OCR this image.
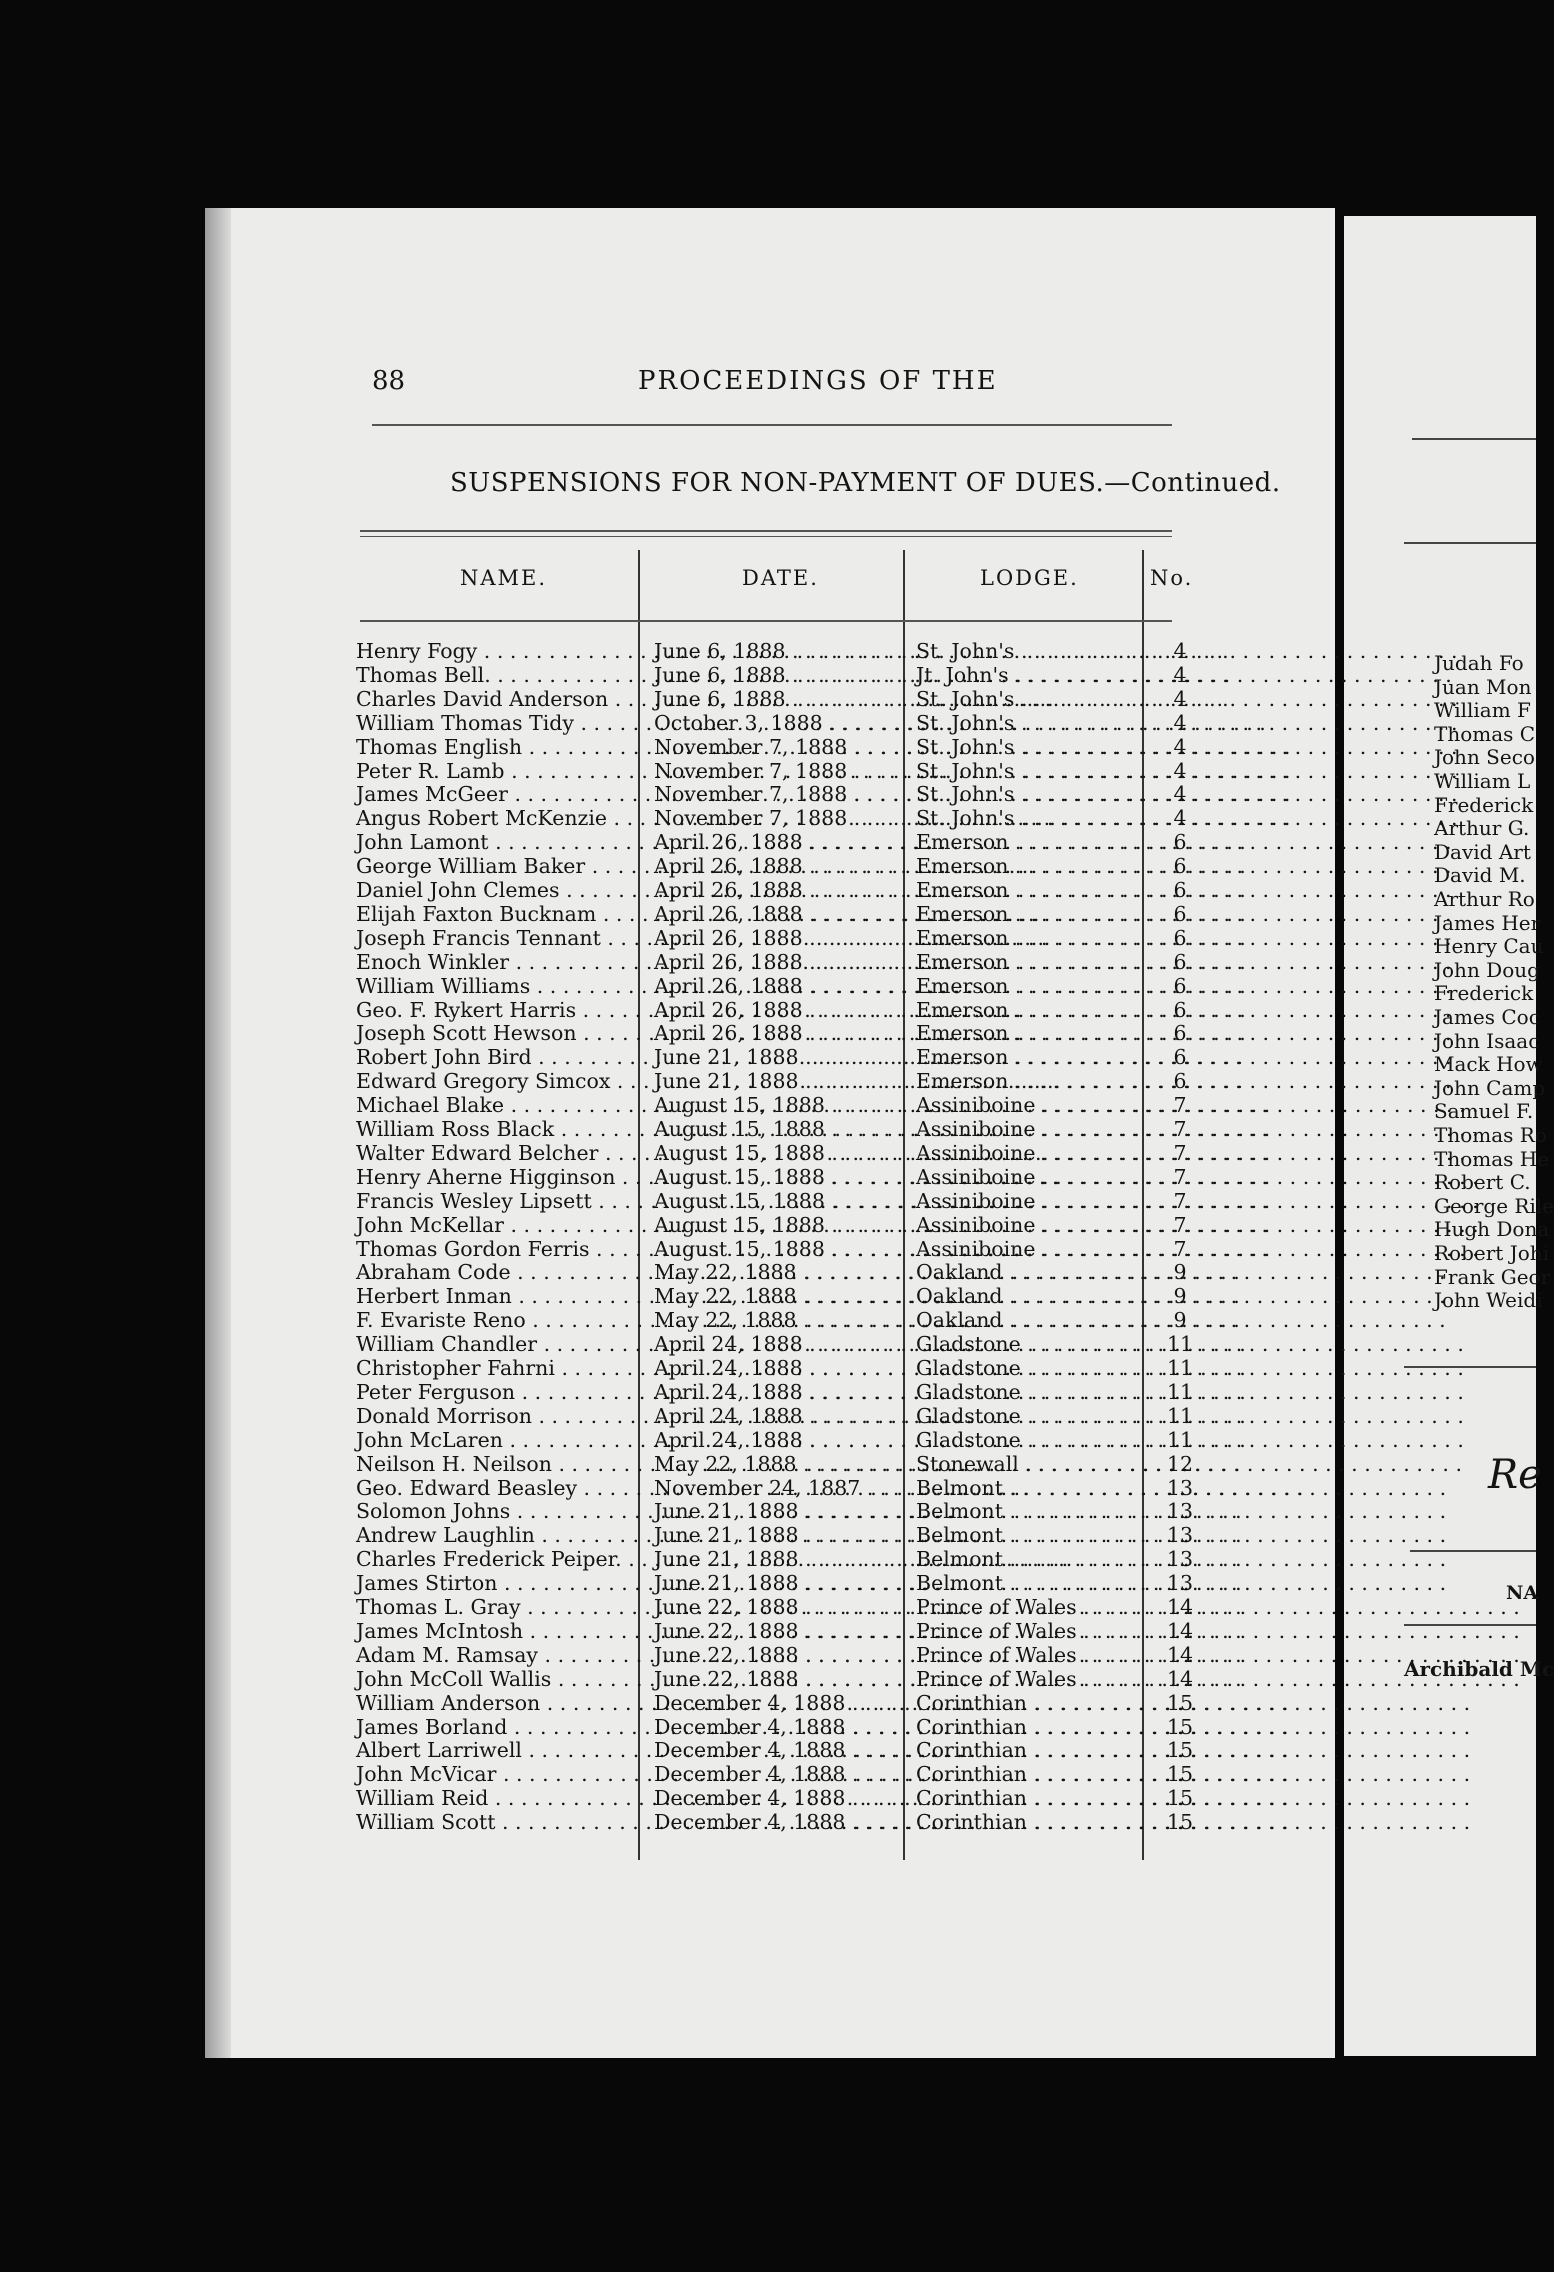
Judah Fo
Juan Mon
William F
Thomas C
John Seco
William L
Frederick
Arthur G.
David Art
David M.
Arthur Ro
James Her
Henry Cau
John Doug
Frederick
James Coc
John Isaac
Mack How
John Camp
Samuel F.
Thomas Ro
Thomas He
Robert C.
George Rile
Hugh Dona
Robert Johi
Frank Geor
John Weidi
88	PROCEEDINGS OF THE
SUSPENSIONS FOR NON-PAYMENT OF DUES.—Continued.
NAME.	DATE.	LODGE.	No.
Henry Fogy . . .	June 6, 1888 . . .	St. John's . . .	4
Thomas Bell. . . .	June 6, 1888 . . .	Jt. John's . . .	4
Charles David Anderson . . .	June 6, 1888 . . .	St. John's . . .	4
William Thomas Tidy . . .	October 3, 1888 . . .	St. John's . . .	4
Thomas English . . .	November 7, 1888 . . .	St. John's . . .	4
Peter R. Lamb . . .	November 7, 1888 . . .	St. John's . . .	4
James McGeer . . .	November 7, 1888 . . .	St. John's . . .	4
Angus Robert McKenzie . . .	November 7, 1888 . . .	St. John's . . .	4
John Lamont . . .	April 26, 1888 . . .	Emerson . . .	6
George William Baker . . .	April 26, 1888 . . .	Emerson . . .	6
Daniel John Clemes . . .	April 26, 1888 . . .	Emerson . . .	6
Elijah Faxton Bucknam . . .	April 26, 1888 . . .	Emerson . . .	6
Joseph Francis Tennant . . .	April 26, 1888 . . .	Emerson . . .	6
Enoch Winkler . . .	April 26, 1888 . . .	Emerson . . .	6
William Williams . . .	April 26, 1888 . . .	Emerson . . .	6
Geo. F. Rykert Harris . . .	April 26, 1888 . . .	Emerson . . .	6
Joseph Scott Hewson . . .	April 26, 1888 . . .	Emerson . . .	6
Robert John Bird . . .	June 21, 1888 . . .	Emerson . . .	6
Edward Gregory Simcox . . .	June 21, 1888 . . .	Emerson . . .	6
Michael Blake . . .	August 15, 1888 . . .	Assiniboine . . .	7
William Ross Black . . .	August 15, 1888 . . .	Assiniboine . . .	7
Walter Edward Belcher . . .	August 15, 1888 . . .	Assiniboine . . .	7
Henry Aherne Higginson . . .	August 15, 1888 . . .	Assiniboine . . .	7
Francis Wesley Lipsett . . .	August 15, 1888 . . .	Assiniboine . . .	7
John McKellar . . .	August 15, 1888 . . .	Assiniboine . . .	7
Thomas Gordon Ferris . . .	August 15, 1888 . . .	Assiniboine . . .	7
Abraham Code . . .	May 22, 1888 . . .	Oakland . . .	9
Herbert Inman . . .	May 22, 1888 . . .	Oakland . . .	9
F. Evariste Reno . . .	May 22, 1888 . . .	Oakland . . .	9
William Chandler . . .	April 24, 1888 . . .	Gladstone . . .	11
Christopher Fahrni . . .	April 24, 1888 . . .	Gladstone . . .	11
Peter Ferguson . . .	April 24, 1888 . . .	Gladstone . . .	11
Donald Morrison . . .	April 24, 1888 . . .	Gladstone . . .	11
John McLaren . . .	April 24, 1888 . . .	Gladstone . . .	11
Neilson H. Neilson . . .	May 22, 1888 . . .	Stonewall . . .	12
Geo. Edward Beasley . . .	November 24, 1887 . . .	Belmont . . .	13
Solomon Johns . . .	June 21, 1888 . . .	Belmont . . .	13
Andrew Laughlin . . .	June 21, 1888 . . .	Belmont . . .	13
Charles Frederick Peiper. . . .	June 21, 1888 . . .	Belmont . . .	13
James Stirton . . .	June 21, 1888 . . .	Belmont . . .	13
Thomas L. Gray . . .	June 22, 1888 . . .	Prince of Wales . . .	14
James McIntosh . . .	June 22, 1888 . . .	Prince of Wales . . .	14
Adam M. Ramsay . . .	June 22, 1888 . . .	Prince of Wales . . .	14
John McColl Wallis . . .	June 22, 1888 . . .	Prince of Wales . . .	14
William Anderson . . .	December 4, 1888 . . .	Corinthian . . .	15
James Borland . . .	December 4, 1888 . . .	Corinthian . . .	15
Albert Larriwell . . .	December 4, 1888 . . .	Corinthian . . .	15
John McVicar . . .	December 4, 1888 . . .	Corinthian . . .	15
William Reid . . .	December 4, 1888 . . .	Corinthian . . .	15
William Scott . . .	December 4, 1888 . . .	Corinthian . . .	15
Re
NA
Archibald Mc
